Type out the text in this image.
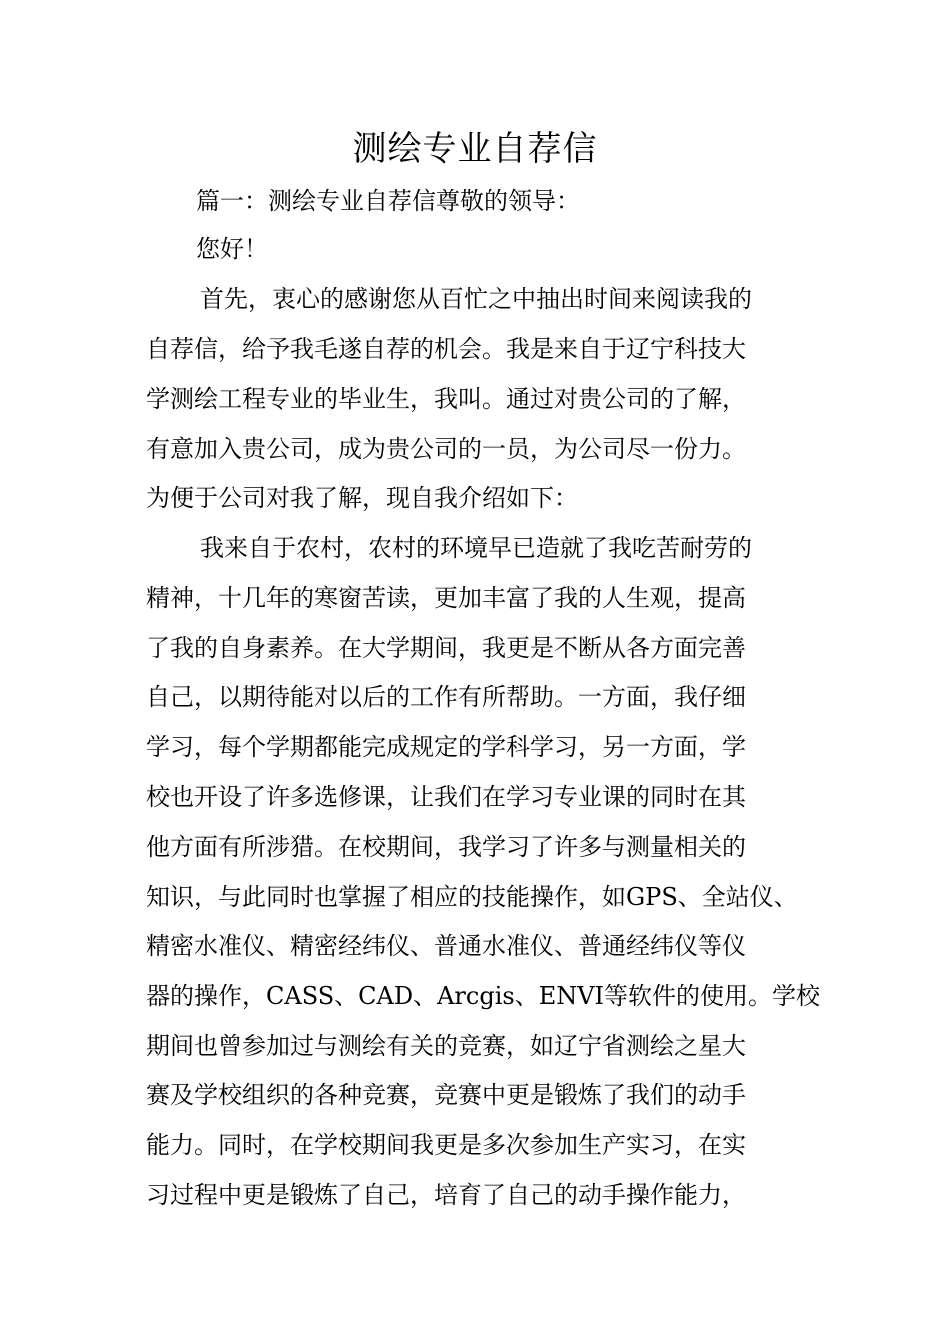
测绘专业自荐信
篇一：测绘专业自荐信尊敬的领导：
您好！
首先，衷心的感谢您从百忙之中抽出时间来阅读我的
自荐信，给予我毛遂自荐的机会。我是来自于辽宁科技大
学测绘工程专业的毕业生，我叫。通过对贵公司的了解，
有意加入贵公司，成为贵公司的一员，为公司尽一份力。
为便于公司对我了解，现自我介绍如下：
我来自于农村，农村的环境早已造就了我吃苦耐劳的
精神，十几年的寒窗苦读，更加丰富了我的人生观，提高
了我的自身素养。在大学期间，我更是不断从各方面完善
自己，以期待能对以后的工作有所帮助。一方面，我仔细
学习，每个学期都能完成规定的学科学习，另一方面，学
校也开设了许多选修课，让我们在学习专业课的同时在其
他方面有所涉猎。在校期间，我学习了许多与测量相关的
知识，与此同时也掌握了相应的技能操作，如GPS、全站仪、
精密水准仪、精密经纬仪、普通水准仪、普通经纬仪等仪
器的操作，CASS、CAD、Arcgis、ENVI等软件的使用。学校
期间也曾参加过与测绘有关的竞赛，如辽宁省测绘之星大
赛及学校组织的各种竞赛，竞赛中更是锻炼了我们的动手
能力。同时，在学校期间我更是多次参加生产实习，在实
习过程中更是锻炼了自己，培育了自己的动手操作能力，
